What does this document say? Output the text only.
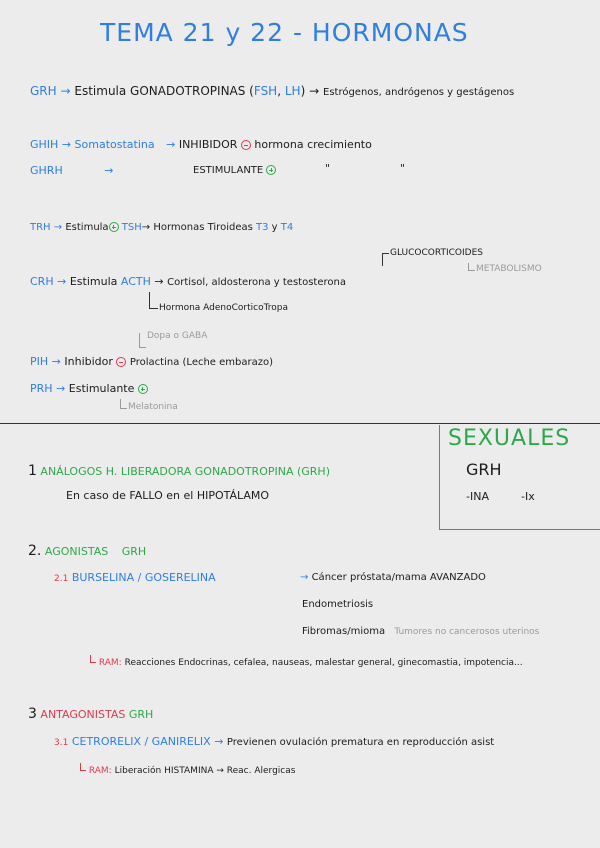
TEMA 21 y 22 - HORMONAS
GRH → Estimula GONADOTROPINAS (FSH, LH) → Estrógenos, andrógenos y gestágenos
GHIH → Somatostatina → INHIBIDOR hormona crecimiento
GHRH	→	ESTIMULANTE	"	"
TRH → Estimula TSH→ Hormonas Tiroideas T3 y T4
GLUCOCORTICOIDES
METABOLISMO
CRH → Estimula ACTH → Cortisol, aldosterona y testosterona
Hormona AdenoCorticoTropa
Dopa o GABA
PIH → Inhibidor Prolactina (Leche embarazo)
PRH → Estimulante
Melatonina
SEXUALES
GRH
-INA	-Ix
1 ANÁLOGOS H. LIBERADORA GONADOTROPINA (GRH)
En caso de FALLO en el HIPOTÁLAMO
2. AGONISTAS GRH
2.1 BURSELINA / GOSERELINA	→ Cáncer próstata/mama AVANZADO
Endometriosis
Fibromas/mioma Tumores no cancerosos uterinos
RAM: Reacciones Endocrinas, cefalea, nauseas, malestar general, ginecomastia, impotencia...
3 ANTAGONISTAS GRH
3.1 CETRORELIX / GANIRELIX → Previenen ovulación prematura en reproducción asist
RAM: Liberación HISTAMINA → Reac. Alergicas
